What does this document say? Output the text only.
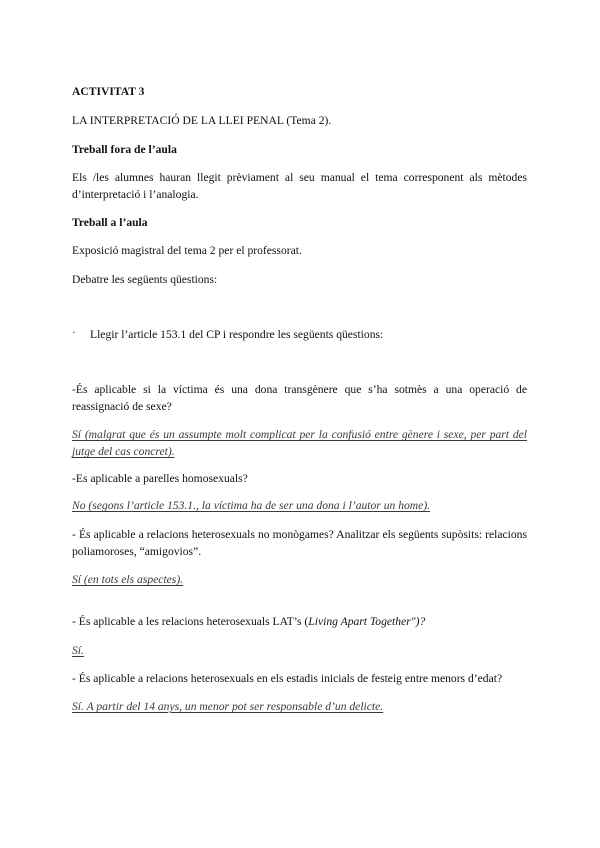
ACTIVITAT 3

LA INTERPRETACIÓ DE LA LLEI PENAL (Tema 2).

Treball fora de l’aula

Els /les alumnes hauran llegit prèviament al seu manual el tema corresponent als mètodes d’interpretació i l’analogia.

Treball a l’aula

Exposició magistral del tema 2 per el professorat.

Debatre les següents qüestions:

· Llegir l’article 153.1 del CP i respondre les següents qüestions:

-És aplicable si la víctima és una dona transgènere que s’ha sotmès a una operació de reassignació de sexe?

Sí (malgrat que és un assumpte molt complicat per la confusió entre gènere i sexe, per part del jutge del cas concret).

-Es aplicable a parelles homosexuals?

No (segons l’article 153.1., la víctima ha de ser una dona i l’autor un home).

- És aplicable a relacions heterosexuals no monògames? Analitzar els següents supòsits: relacions poliamoroses, “amigovios”.

Sí (en tots els aspectes).

- És aplicable a les relacions heterosexuals LAT’s (Living Apart Together")?

Sí.

- És aplicable a relacions heterosexuals en els estadis inicials de festeig entre menors d’edat?

Sí. A partir del 14 anys, un menor pot ser responsable d’un delicte.
